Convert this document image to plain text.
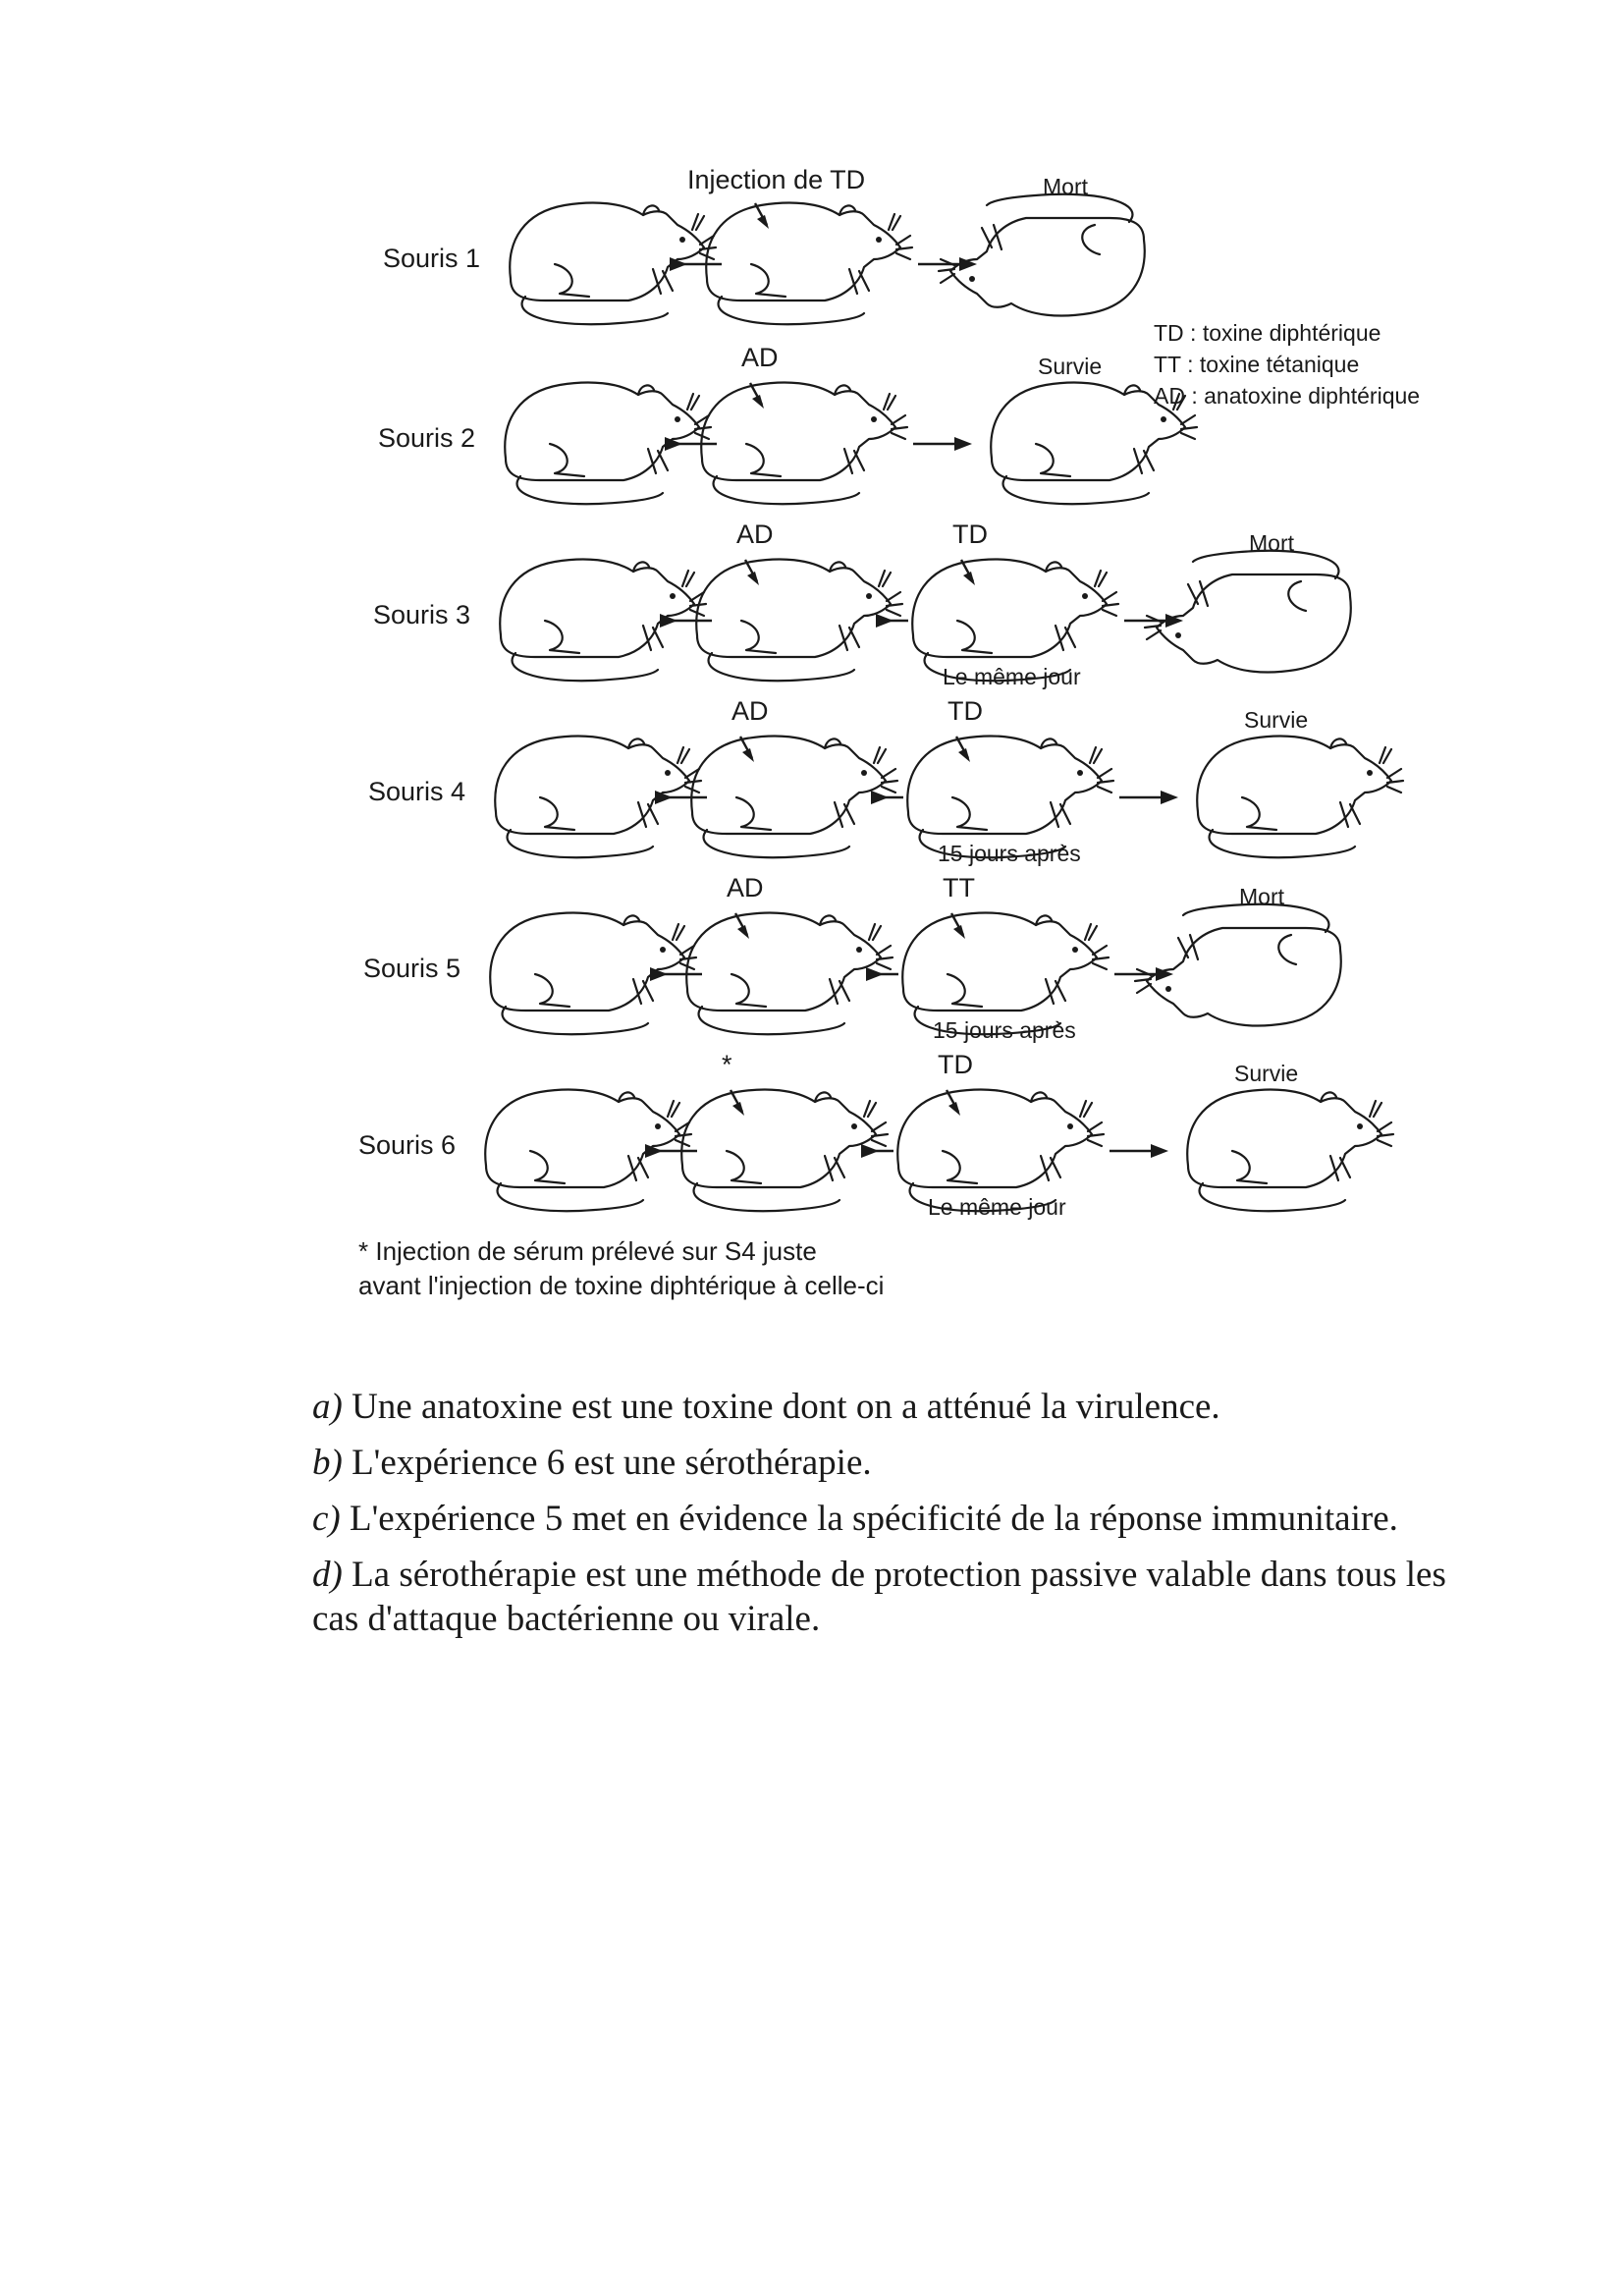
Souris 1
Injection de TD	Mort
Souris 2
AD	Survie
Souris 3
AD	TD	Mort
Le même jour
Souris 4
AD	TD	Survie
15 jours après
Souris 5
AD	TT	Mort
15 jours après
Souris 6
*	TD	Survie
Le même jour
TD : toxine diphtérique
TT : toxine tétanique
AD : anatoxine diphtérique
* Injection de sérum prélevé sur S4 juste
avant l'injection de toxine diphtérique à celle-ci

a) Une anatoxine est une toxine dont on a atténué la virulence.

b) L'expérience 6 est une sérothérapie.

c) L'expérience 5 met en évidence la spécificité de la réponse immunitaire.

d) La sérothérapie est une méthode de protection passive valable dans tous les cas d'attaque bactérienne ou virale.
